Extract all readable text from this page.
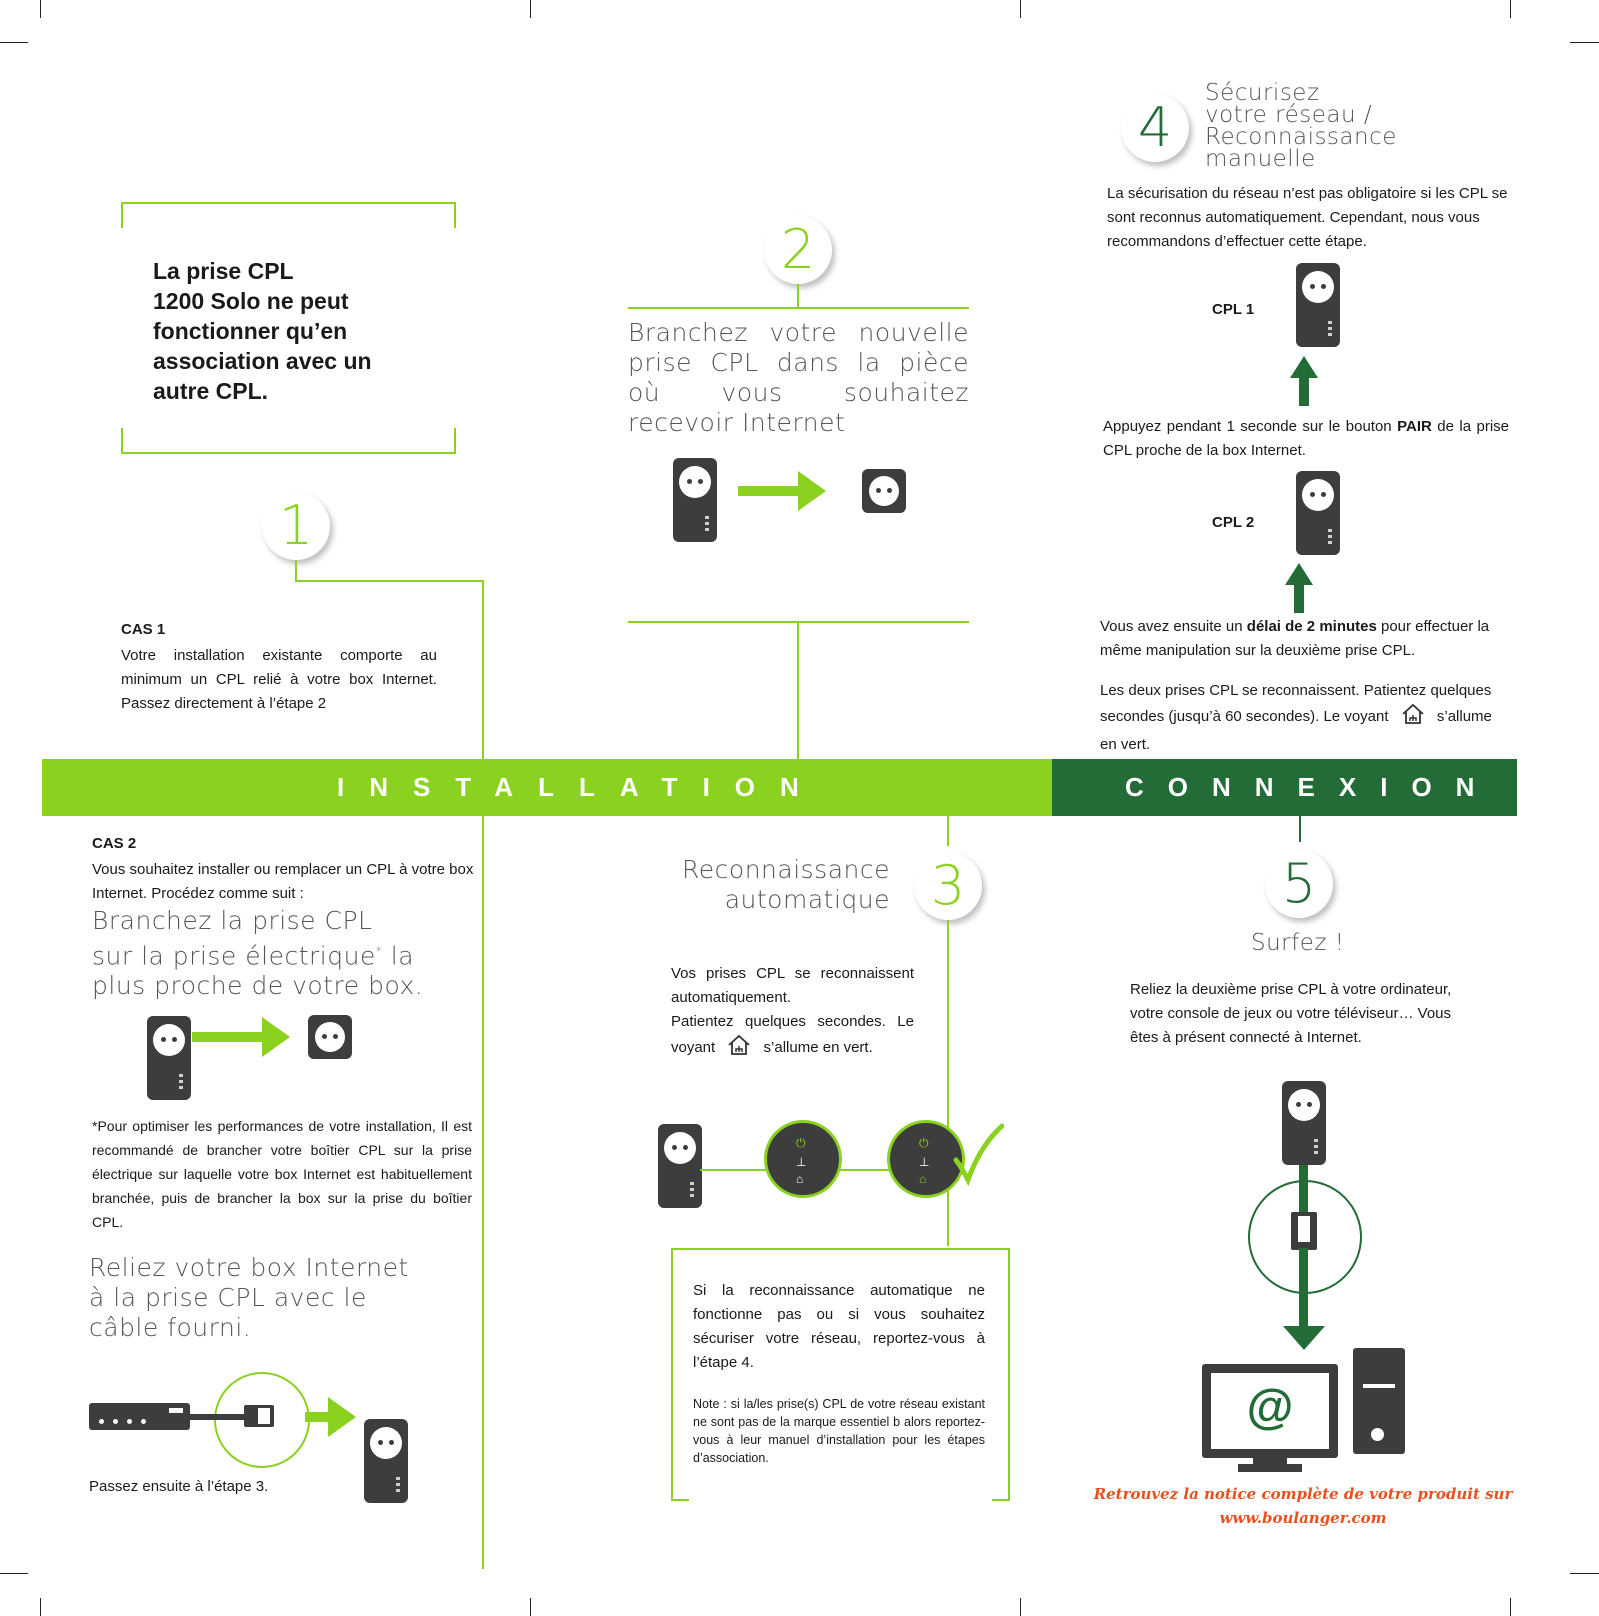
La prise CPL
1200 Solo ne peut
fonctionner qu’en
association avec un
autre CPL.
1
CAS 1
Votre installation existante comporte au minimum un CPL relié à votre box Internet. Passez directement à l’étape 2
INSTALLATION	CONNEXION
CAS 2
Vous souhaitez installer ou remplacer un CPL à votre box Internet. Procédez comme suit :
Branchez la prise CPL
sur la prise électrique* la
plus proche de votre box.
*Pour optimiser les performances de votre installation, Il est recommandé de brancher votre boîtier CPL sur la prise électrique sur laquelle votre box Internet est habituellement branchée, puis de brancher la box sur la prise du boîtier CPL.
Reliez votre box Internet
à la prise CPL avec le
câble fourni.
Passez ensuite à l’étape 3.
2
Branchez votre nouvelle prise CPL dans la pièce où vous souhaitez recevoir Internet
Reconnaissance
automatique 3
Vos prises CPL se reconnaissent automatiquement.
Patientez quelques secondes. Le
voyant	s’allume en vert.
⏻
⊥
⌂
⏻
⊥
⌂
Si la reconnaissance automatique ne fonctionne pas ou si vous souhaitez sécuriser votre réseau, reportez-vous à l’étape 4.
Note : si la/les prise(s) CPL de votre réseau existant ne sont pas de la marque essentiel b alors reportez-vous à leur manuel d’installation pour les étapes d’association.
4
Sécurisez
votre réseau /
Reconnaissance
manuelle
La sécurisation du réseau n’est pas obligatoire si les CPL se sont reconnus automatiquement. Cependant, nous vous recommandons d’effectuer cette étape.
CPL 1
Appuyez pendant 1 seconde sur le bouton PAIR de la prise CPL proche de la box Internet.
CPL 2
Vous avez ensuite un délai de 2 minutes pour effectuer la même manipulation sur la deuxième prise CPL.
Les deux prises CPL se reconnaissent. Patientez quelques secondes (jusqu’à 60 secondes). Le voyant	s’allume en vert.
5
Surfez !
Reliez la deuxième prise CPL à votre ordinateur, votre console de jeux ou votre téléviseur… Vous êtes à présent connecté à Internet.
@
Retrouvez la notice complète de votre produit sur
www.boulanger.com
